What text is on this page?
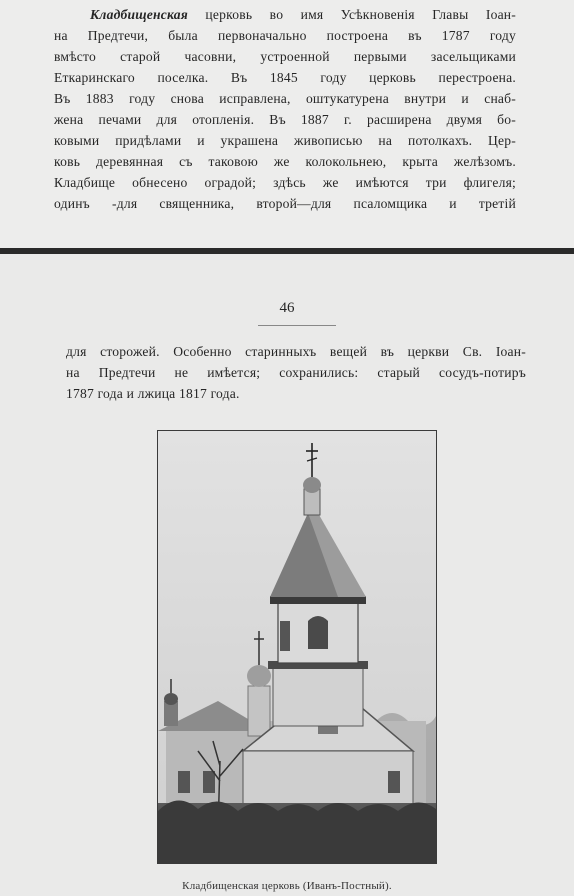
Кладбищенская церковь во имя Усѣкновенія Главы Іоан-
на Предтечи, была первоначально построена въ 1787 году
вмѣсто старой часовни, устроенной первыми засельщиками
Еткаринскаго поселка. Въ 1845 году церковь перестроена.
Въ 1883 году снова исправлена, оштукатурена внутри и снаб-
жена печами для отопленія. Въ 1887 г. расширена двумя бо-
ковыми придѣлами и украшена живописью на потолкахъ. Цер-
ковь деревянная съ таковою же колокольнею, крыта желѣзомъ.
Кладбище обнесено оградой; здѣсь же имѣются три флигеля;
одинъ -для священника, второй—для псаломщика и третій
46
для сторожей. Особенно старинныхъ вещей въ церкви Св. Іоан-
на Предтечи не имѣется; сохранились: старый сосудъ-потиръ
1787 года и лжица 1817 года.
Кладбищенская церковь (Иванъ-Постный).
